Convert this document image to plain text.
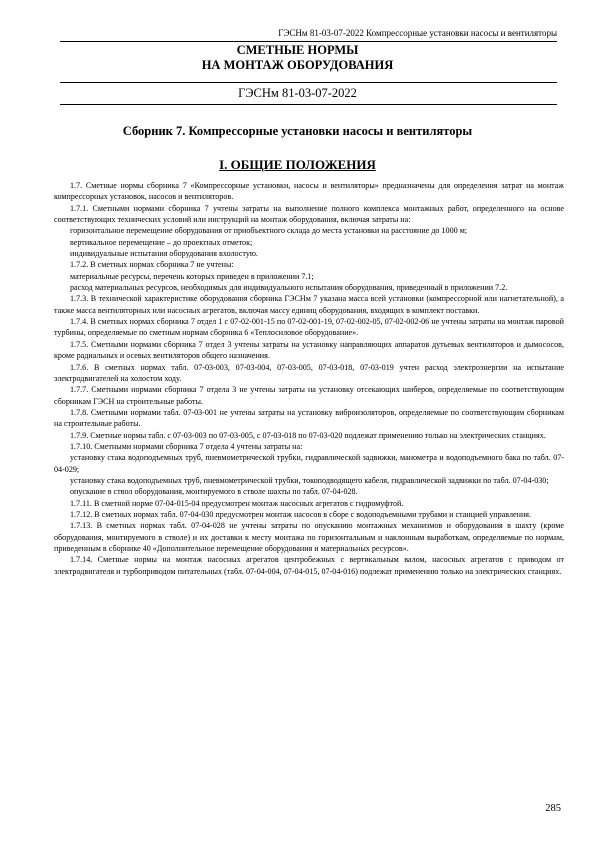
ГЭСНм 81-03-07-2022 Компрессорные установки насосы и вентиляторы
СМЕТНЫЕ НОРМЫ
НА МОНТАЖ ОБОРУДОВАНИЯ
ГЭСНм 81-03-07-2022
Сборник 7. Компрессорные установки насосы и вентиляторы
I. ОБЩИЕ ПОЛОЖЕНИЯ

1.7. Сметные нормы сборника 7 «Компрессорные установки, насосы и вентиляторы» предназначены для определения затрат на монтаж компрессорных установок, насосов и вентиляторов.

1.7.1. Сметными нормами сборника 7 учтены затраты на выполнение полного комплекса монтажных работ, определенного на основе соответствующих технических условий или инструкций на монтаж оборудования, включая затраты на:

горизонтальное перемещение оборудования от приобъектного склада до места установки на расстояние до 1000 м;

вертикальное перемещение – до проектных отметок;

индивидуальные испытания оборудования вхолостую.

1.7.2. В сметных нормах сборника 7 не учтены:

материальные ресурсы, перечень которых приведен в приложении 7.1;

расход материальных ресурсов, необходимых для индивидуального испытания оборудования, приведенный в приложении 7.2.

1.7.3. В технической характеристике оборудования сборника ГЭСНм 7 указана масса всей установки (компрессорной или нагнетательной), а также масса вентиляторных или насосных агрегатов, включая массу единиц оборудования, входящих в комплект поставки.

1.7.4. В сметных нормах сборника 7 отдел 1 с 07-02-001-15 по 07-02-001-19, 07-02-002-05, 07-02-002-06 не учтены затраты на монтаж паровой турбины, определяемые по сметным нормам сборника 6 «Теплосиловое оборудование».

1.7.5. Сметными нормами сборника 7 отдел 3 учтены затраты на установку направляющих аппаратов дутьевых вентиляторов и дымососов, кроме радиальных и осевых вентиляторов общего назначения.

1.7.6. В сметных нормах табл. 07-03-003, 07-03-004, 07-03-005, 07-03-018, 07-03-019 учтен расход электроэнергии на испытание электродвигателей на холостом ходу.

1.7.7. Сметными нормами сборника 7 отдела 3 не учтены затраты на установку отсекающих шиберов, определяемые по соответствующим сборникам ГЭСН на строительные работы.

1.7.8. Сметными нормами табл. 07-03-001 не учтены затраты на установку виброизоляторов, определяемые по соответствующим сборникам на строительные работы.

1.7.9. Сметные нормы табл. с 07-03-003 по 07-03-005, с 07-03-018 по 07-03-020 подлежат применению только на электрических станциях.

1.7.10. Сметными нормами сборника 7 отдела 4 учтены затраты на:

установку стака водоподъемных труб, пневмометрической трубки, гидравлической задвижки, манометра и водоподъемного бака по табл. 07-04-029;

установку стака водоподъемных труб, пневмометрической трубки, токоподводящего кабеля, гидравлической задвижки по табл. 07-04-030;

опускание в ствол оборудования, монтируемого в стволе шахты по табл. 07-04-028.

1.7.11. В сметной норме 07-04-015-04 предусмотрен монтаж насосных агрегатов с гидромуфтой.

1.7.12. В сметных нормах табл. 07-04-030 предусмотрен монтаж насосов в сборе с водоподъемными трубами и станцией управления.

1.7.13. В сметных нормах табл. 07-04-028 не учтены затраты по опусканию монтажных механизмов и оборудования в шахту (кроме оборудования, монтируемого в стволе) и их доставки к месту монтажа по горизонтальным и наклонным выработкам, определяемые по нормам, приведенным в сборнике 40 «Дополнительное перемещение оборудования и материальных ресурсов».

1.7.14. Сметные нормы на монтаж насосных агрегатов центробежных с вертикальным валом, насосных агрегатов с приводом от электродвигателя и турбоприводом питательных (табл. 07-04-004, 07-04-015, 07-04-016) подлежат применению только на электрических станциях.

285
